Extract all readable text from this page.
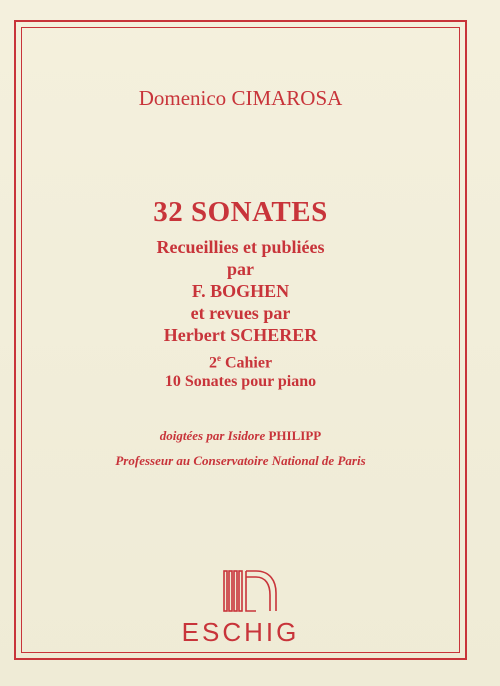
Domenico CIMAROSA
32 SONATES
Recueillies et publiées
par
F. BOGHEN
et revues par
Herbert SCHERER
2e Cahier
10 Sonates pour piano
doigtées par Isidore PHILIPP
Professeur au Conservatoire National de Paris
ESCHIG
